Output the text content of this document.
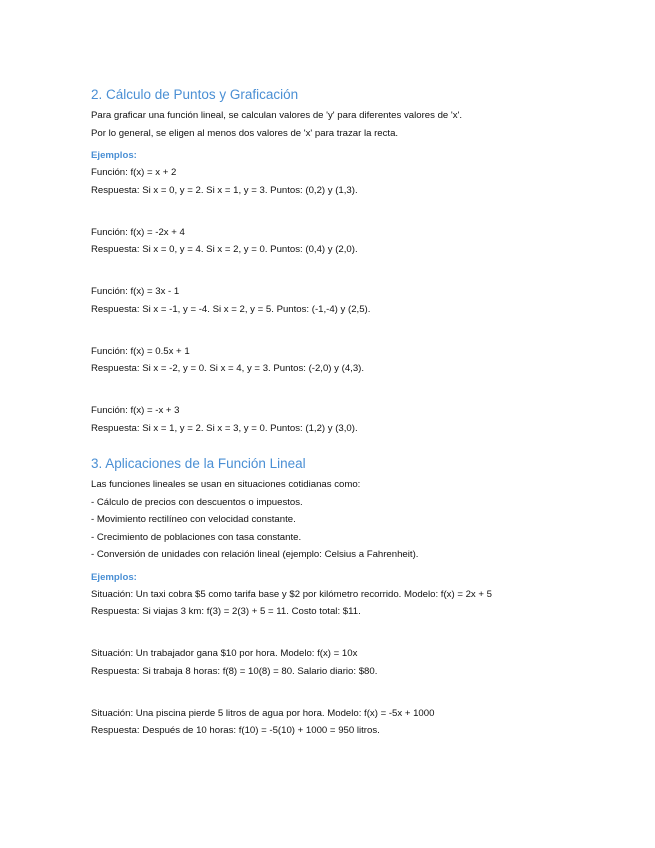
2. Cálculo de Puntos y Graficación

Para graficar una función lineal, se calculan valores de 'y' para diferentes valores de 'x'.

Por lo general, se eligen al menos dos valores de 'x' para trazar la recta.

Ejemplos:

Función: f(x) = x + 2

Respuesta: Si x = 0, y = 2. Si x = 1, y = 3. Puntos: (0,2) y (1,3).

Función: f(x) = -2x + 4

Respuesta: Si x = 0, y = 4. Si x = 2, y = 0. Puntos: (0,4) y (2,0).

Función: f(x) = 3x - 1

Respuesta: Si x = -1, y = -4. Si x = 2, y = 5. Puntos: (-1,-4) y (2,5).

Función: f(x) = 0.5x + 1

Respuesta: Si x = -2, y = 0. Si x = 4, y = 3. Puntos: (-2,0) y (4,3).

Función: f(x) = -x + 3

Respuesta: Si x = 1, y = 2. Si x = 3, y = 0. Puntos: (1,2) y (3,0).

3. Aplicaciones de la Función Lineal

Las funciones lineales se usan en situaciones cotidianas como:

- Cálculo de precios con descuentos o impuestos.

- Movimiento rectilíneo con velocidad constante.

- Crecimiento de poblaciones con tasa constante.

- Conversión de unidades con relación lineal (ejemplo: Celsius a Fahrenheit).

Ejemplos:

Situación: Un taxi cobra $5 como tarifa base y $2 por kilómetro recorrido. Modelo: f(x) = 2x + 5

Respuesta: Si viajas 3 km: f(3) = 2(3) + 5 = 11. Costo total: $11.

Situación: Un trabajador gana $10 por hora. Modelo: f(x) = 10x

Respuesta: Si trabaja 8 horas: f(8) = 10(8) = 80. Salario diario: $80.

Situación: Una piscina pierde 5 litros de agua por hora. Modelo: f(x) = -5x + 1000

Respuesta: Después de 10 horas: f(10) = -5(10) + 1000 = 950 litros.
